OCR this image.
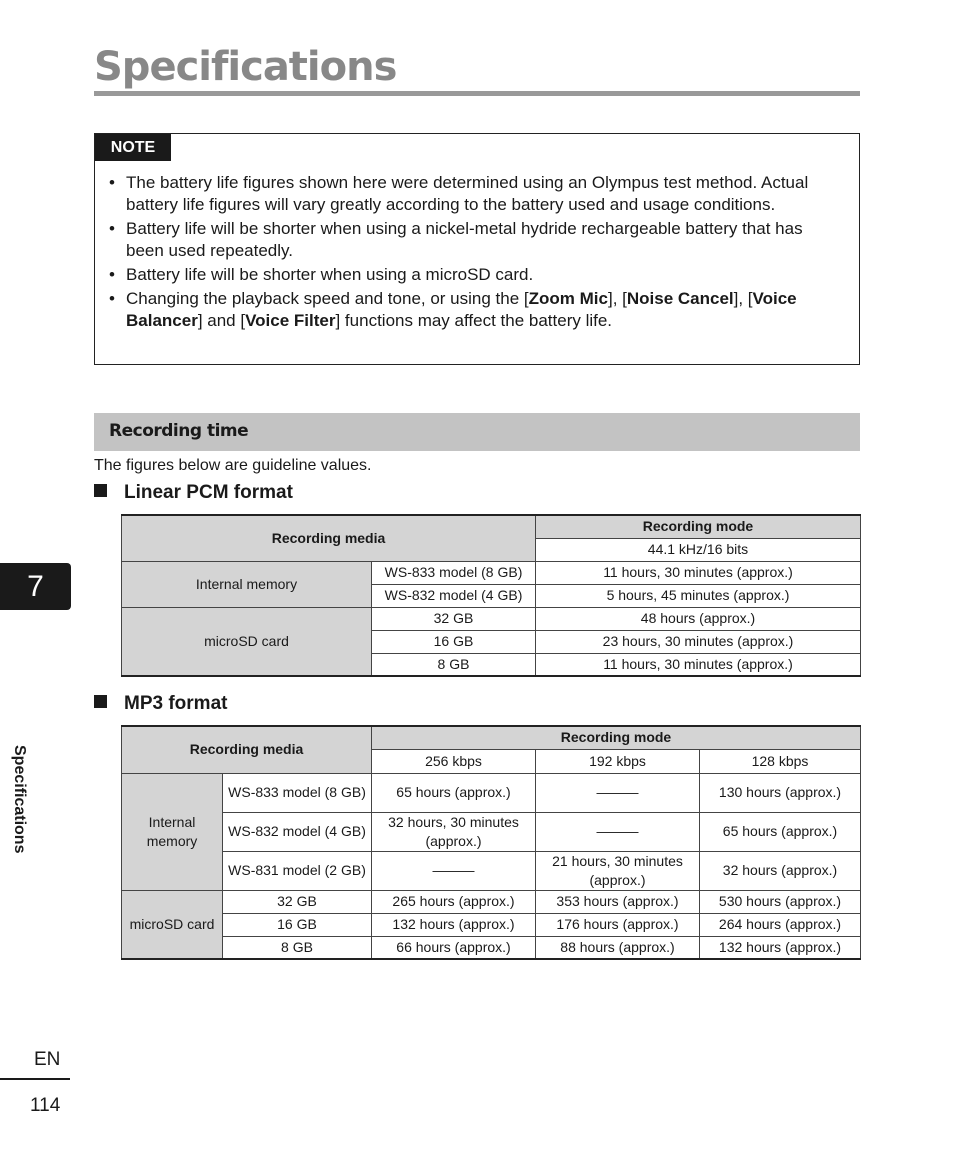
Specifications
NOTE
• The battery life figures shown here were determined using an Olympus test method. Actual battery life figures will vary greatly according to the battery used and usage conditions.
• Battery life will be shorter when using a nickel-metal hydride rechargeable battery that has been used repeatedly.
• Battery life will be shorter when using a microSD card.
• Changing the playback speed and tone, or using the [Zoom Mic], [Noise Cancel], [Voice Balancer] and [Voice Filter] functions may affect the battery life.
Recording time
The figures below are guideline values.
Linear PCM format
Recording media		Recording mode
		44.1 kHz/16 bits
Internal memory	WS-833 model (8 GB)	11 hours, 30 minutes (approx.)
	WS-832 model (4 GB)	5 hours, 45 minutes (approx.)
microSD card	32 GB	48 hours (approx.)
	16 GB	23 hours, 30 minutes (approx.)
	8 GB	11 hours, 30 minutes (approx.)
MP3 format
Recording media		Recording mode		
		256 kbps	192 kbps	128 kbps
Internal memory	WS-833 model (8 GB)	65 hours (approx.)	———	130 hours (approx.)
	WS-832 model (4 GB)	32 hours, 30 minutes (approx.)	———	65 hours (approx.)
	WS-831 model (2 GB)	———	21 hours, 30 minutes (approx.)	32 hours (approx.)
microSD card	32 GB	265 hours (approx.)	353 hours (approx.)	530 hours (approx.)
	16 GB	132 hours (approx.)	176 hours (approx.)	264 hours (approx.)
	8 GB	66 hours (approx.)	88 hours (approx.)	132 hours (approx.)
7
Specifications
EN
114
